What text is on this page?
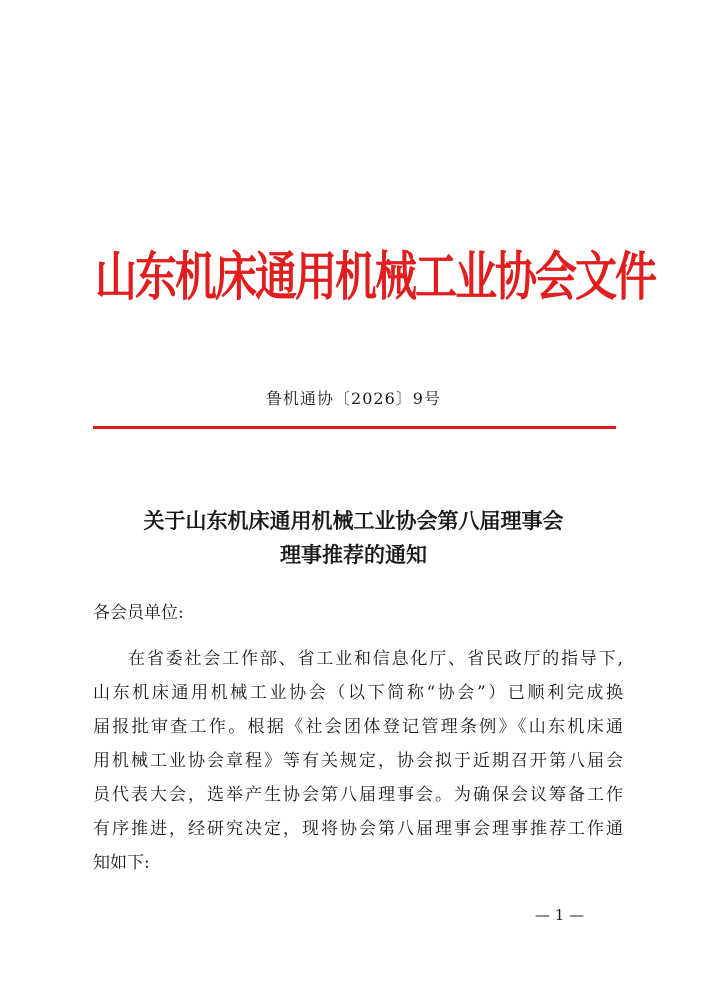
山东机床通用机械工业协会文件
鲁机通协〔2026〕9号
关于山东机床通用机械工业协会第八届理事会
理事推荐的通知
各会员单位:
在省委社会工作部、省工业和信息化厅、省民政厅的指导下,
山东机床通用机械工业协会（以下简称“协会”）已顺利完成换
届报批审查工作。根据《社会团体登记管理条例》《山东机床通
用机械工业协会章程》等有关规定，协会拟于近期召开第八届会
员代表大会，选举产生协会第八届理事会。为确保会议筹备工作
有序推进，经研究决定，现将协会第八届理事会理事推荐工作通
知如下:
— 1 —
